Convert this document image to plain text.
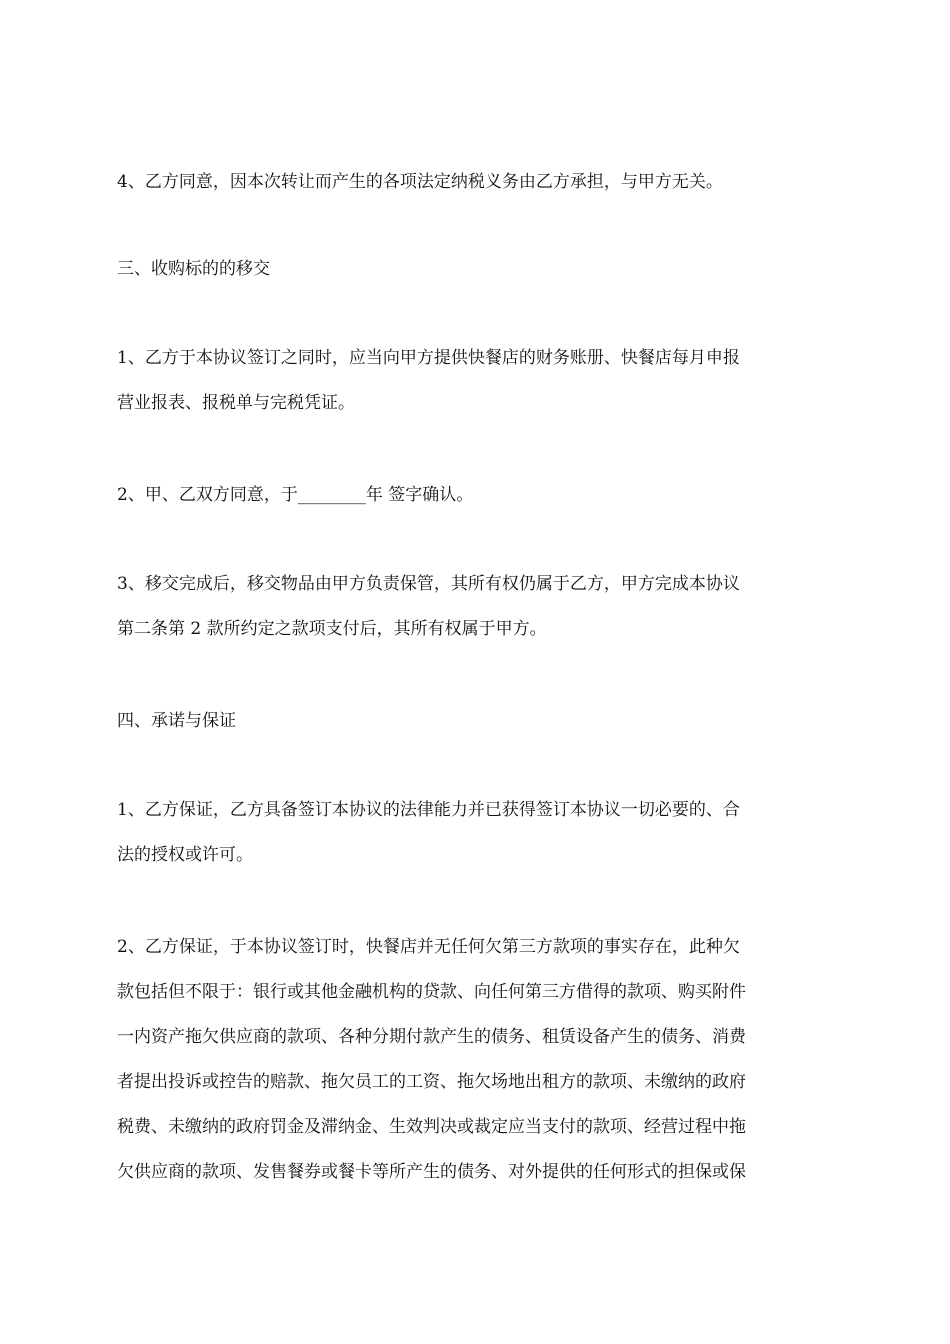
4、乙方同意，因本次转让而产生的各项法定纳税义务由乙方承担，与甲方无关。

三、收购标的的移交

1、乙方于本协议签订之同时，应当向甲方提供快餐店的财务账册、快餐店每月申报
营业报表、报税单与完税凭证。

2、甲、乙双方同意，于________年 签字确认。

3、移交完成后，移交物品由甲方负责保管，其所有权仍属于乙方，甲方完成本协议
第二条第 2 款所约定之款项支付后，其所有权属于甲方。

四、承诺与保证

1、乙方保证，乙方具备签订本协议的法律能力并已获得签订本协议一切必要的、合
法的授权或许可。

2、乙方保证，于本协议签订时，快餐店并无任何欠第三方款项的事实存在，此种欠
款包括但不限于：银行或其他金融机构的贷款、向任何第三方借得的款项、购买附件
一内资产拖欠供应商的款项、各种分期付款产生的债务、租赁设备产生的债务、消费
者提出投诉或控告的赔款、拖欠员工的工资、拖欠场地出租方的款项、未缴纳的政府
税费、未缴纳的政府罚金及滞纳金、生效判决或裁定应当支付的款项、经营过程中拖
欠供应商的款项、发售餐券或餐卡等所产生的债务、对外提供的任何形式的担保或保
